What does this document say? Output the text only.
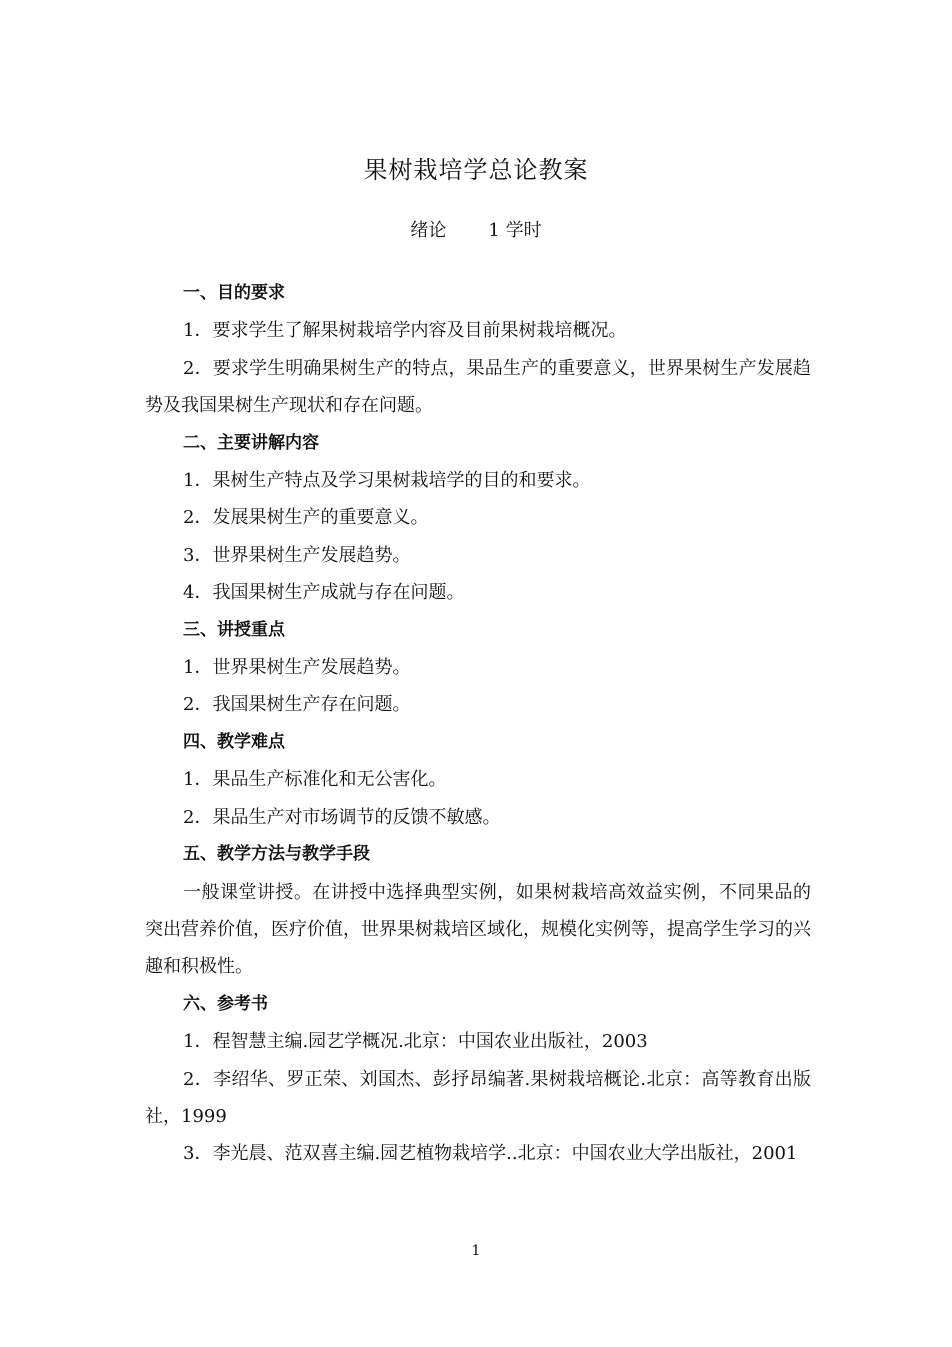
果树栽培学总论教案
绪论 1 学时

一、目的要求

1．要求学生了解果树栽培学内容及目前果树栽培概况。

2．要求学生明确果树生产的特点，果品生产的重要意义，世界果树生产发展趋势及我国果树生产现状和存在问题。

二、主要讲解内容

1．果树生产特点及学习果树栽培学的目的和要求。

2．发展果树生产的重要意义。

3．世界果树生产发展趋势。

4．我国果树生产成就与存在问题。

三、讲授重点

1．世界果树生产发展趋势。

2．我国果树生产存在问题。

四、教学难点

1．果品生产标准化和无公害化。

2．果品生产对市场调节的反馈不敏感。

五、教学方法与教学手段

一般课堂讲授。在讲授中选择典型实例，如果树栽培高效益实例，不同果品的突出营养价值，医疗价值，世界果树栽培区域化，规模化实例等，提高学生学习的兴趣和积极性。

六、参考书

1．程智慧主编.园艺学概况.北京：中国农业出版社，2003

2．李绍华、罗正荣、刘国杰、彭抒昂编著.果树栽培概论.北京：高等教育出版社，1999

3．李光晨、范双喜主编.园艺植物栽培学..北京：中国农业大学出版社，2001

1
